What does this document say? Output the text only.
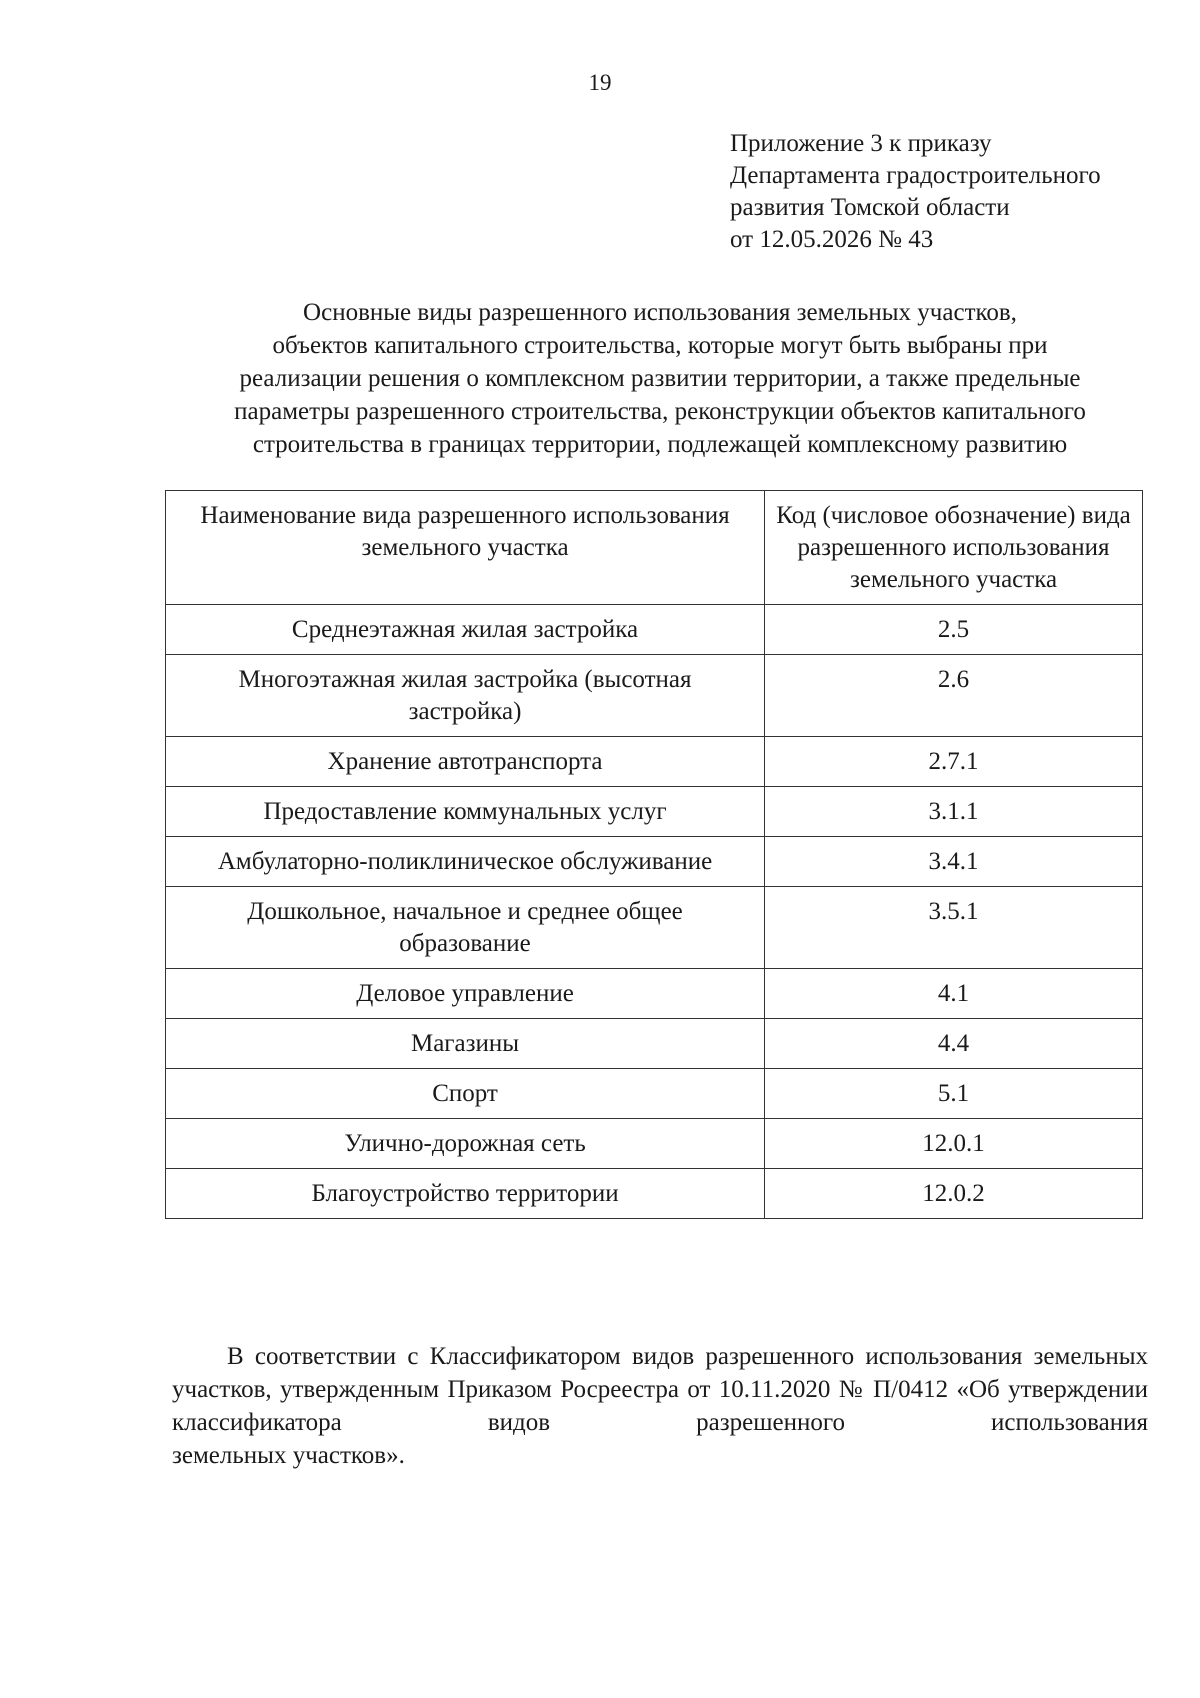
19
Приложение 3 к приказу
Департамента градостроительного
развития Томской области
от 12.05.2026 № 43
Основные виды разрешенного использования земельных участков,
объектов капитального строительства, которые могут быть выбраны при
реализации решения о комплексном развитии территории, а также предельные
параметры разрешенного строительства, реконструкции объектов капитального
строительства в границах территории, подлежащей комплексному развитию
Наименование вида разрешенного использования земельного участка	Код (числовое обозначение) вида разрешенного использования земельного участка
Среднеэтажная жилая застройка	2.5
Многоэтажная жилая застройка (высотная застройка)	2.6
Хранение автотранспорта	2.7.1
Предоставление коммунальных услуг	3.1.1
Амбулаторно-поликлиническое обслуживание	3.4.1
Дошкольное, начальное и среднее общее образование	3.5.1
Деловое управление	4.1
Магазины	4.4
Спорт	5.1
Улично-дорожная сеть	12.0.1
Благоустройство территории	12.0.2
В соответствии с Классификатором видов разрешенного использования земельных участков, утвержденным Приказом Росреестра от 10.11.2020 № П/0412 «Об утверждении классификатора видов разрешенного использования
земельных участков».
